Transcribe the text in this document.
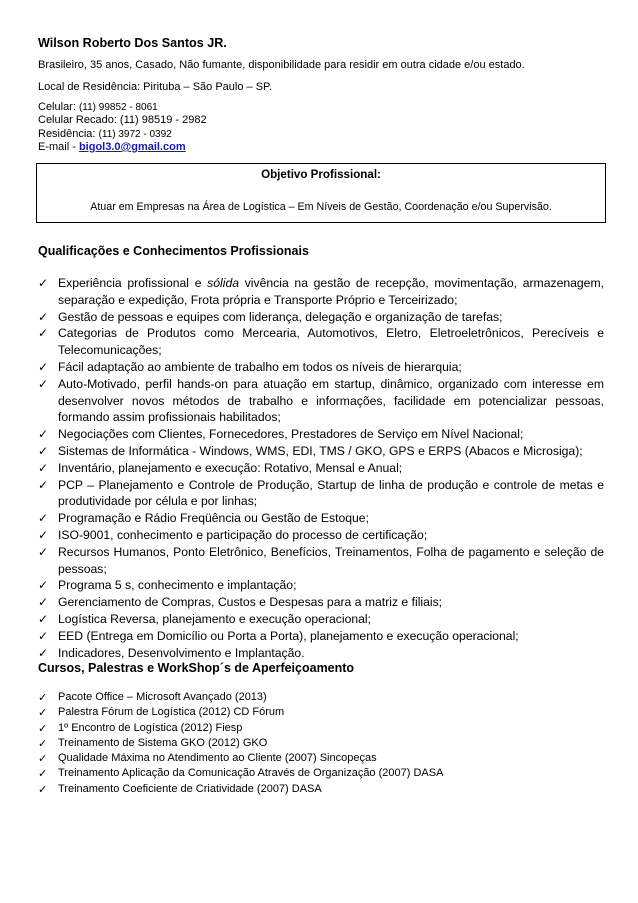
Wilson Roberto Dos Santos JR.
Brasileiro, 35 anos, Casado, Não fumante, disponibilidade para residir em outra cidade e/ou estado.
Local de Residência: Pirituba – São Paulo – SP.
Celular: (11) 99852 - 8061
Celular Recado: (11) 98519 - 2982
Residência: (11) 3972 - 0392
E-mail - bigol3.0@gmail.com
Objetivo Profissional:
Atuar em Empresas na Área de Logística – Em Níveis de Gestão, Coordenação e/ou Supervisão.
Qualificações e Conhecimentos Profissionais
✓ Experiência profissional e sólida vivência na gestão de recepção, movimentação, armazenagem, separação e expedição, Frota própria e Transporte Próprio e Terceirizado;
✓ Gestão de pessoas e equipes com liderança, delegação e organização de tarefas;
✓ Categorias de Produtos como Mercearia, Automotivos, Eletro, Eletroeletrônicos, Perecíveis e Telecomunicações;
✓ Fácil adaptação ao ambiente de trabalho em todos os níveis de hierarquia;
✓ Auto-Motivado, perfil hands-on para atuação em startup, dinâmico, organizado com interesse em desenvolver novos métodos de trabalho e informações, facilidade em potencializar pessoas, formando assim profissionais habilitados;
✓ Negociações com Clientes, Fornecedores, Prestadores de Serviço em Nível Nacional;
✓ Sistemas de Informática - Windows, WMS, EDI, TMS / GKO, GPS e ERPS (Abacos e Microsiga);
✓ Inventário, planejamento e execução: Rotativo, Mensal e Anual;
✓ PCP – Planejamento e Controle de Produção, Startup de linha de produção e controle de metas e produtividade por célula e por linhas;
✓ Programação e Rádio Freqüência ou Gestão de Estoque;
✓ ISO-9001, conhecimento e participação do processo de certificação;
✓ Recursos Humanos, Ponto Eletrônico, Benefícios, Treinamentos, Folha de pagamento e seleção de pessoas;
✓ Programa 5 s, conhecimento e implantação;
✓ Gerenciamento de Compras, Custos e Despesas para a matriz e filiais;
✓ Logística Reversa, planejamento e execução operacional;
✓ EED (Entrega em Domicílio ou Porta a Porta), planejamento e execução operacional;
✓ Indicadores, Desenvolvimento e Implantação.
Cursos, Palestras e WorkShop´s de Aperfeiçoamento
✓ Pacote Office – Microsoft Avançado (2013)
✓ Palestra Fórum de Logística (2012) CD Fórum
✓ 1º Encontro de Logística (2012) Fiesp
✓ Treinamento de Sistema GKO (2012) GKO
✓ Qualidade Máxima no Atendimento ao Cliente (2007) Sincopeças
✓ Treinamento Aplicação da Comunicação Através de Organização (2007) DASA
✓ Treinamento Coeficiente de Criatividade (2007) DASA
